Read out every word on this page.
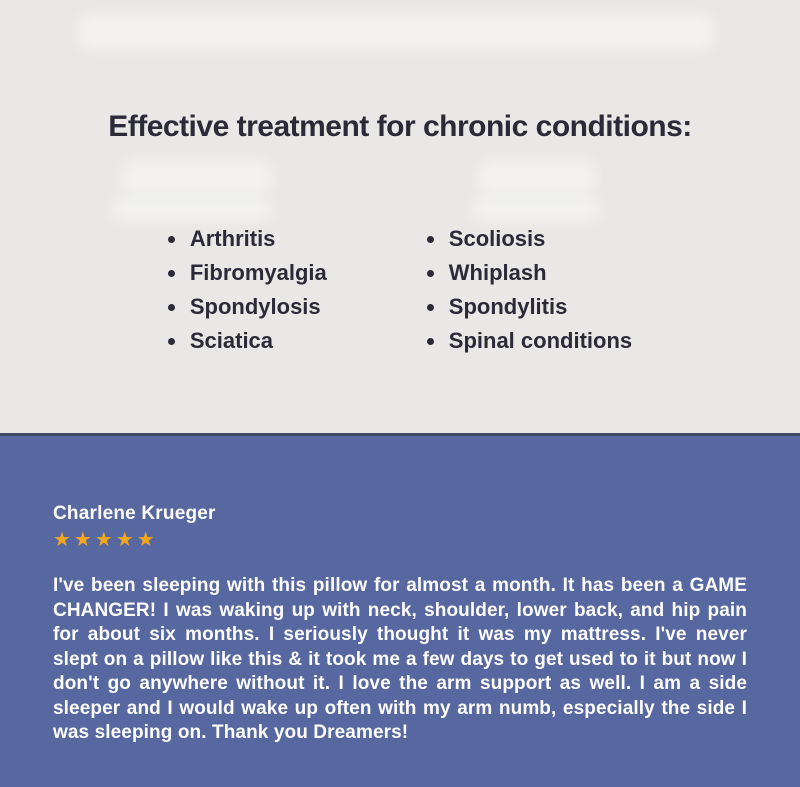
Effective treatment for chronic conditions:
Arthritis
Fibromyalgia
Spondylosis
Sciatica
Scoliosis
Whiplash
Spondylitis
Spinal conditions
Charlene Krueger
★★★★★

I've been sleeping with this pillow for almost a month. It has been a GAME CHANGER! I was waking up with neck, shoulder, lower back, and hip pain for about six months. I seriously thought it was my mattress. I've never slept on a pillow like this & it took me a few days to get used to it but now I don't go anywhere without it. I love the arm support as well. I am a side sleeper and I would wake up often with my arm numb, especially the side I was sleeping on. Thank you Dreamers!
